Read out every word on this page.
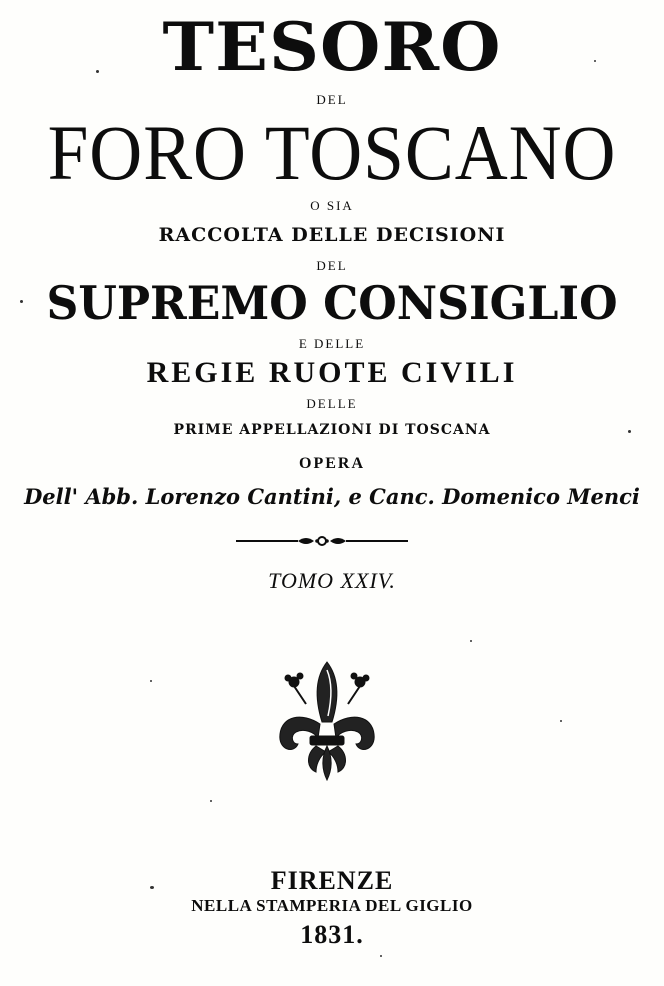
TESORO
DEL
FORO TOSCANO
O SIA
RACCOLTA DELLE DECISIONI
DEL
SUPREMO CONSIGLIO
E DELLE
REGIE RUOTE CIVILI
DELLE
PRIME APPELLAZIONI DI TOSCANA
OPERA
Dell' Abb. Lorenzo Cantini, e Canc. Domenico Menci
TOMO XXIV.
FIRENZE
NELLA STAMPERIA DEL GIGLIO
1831.
